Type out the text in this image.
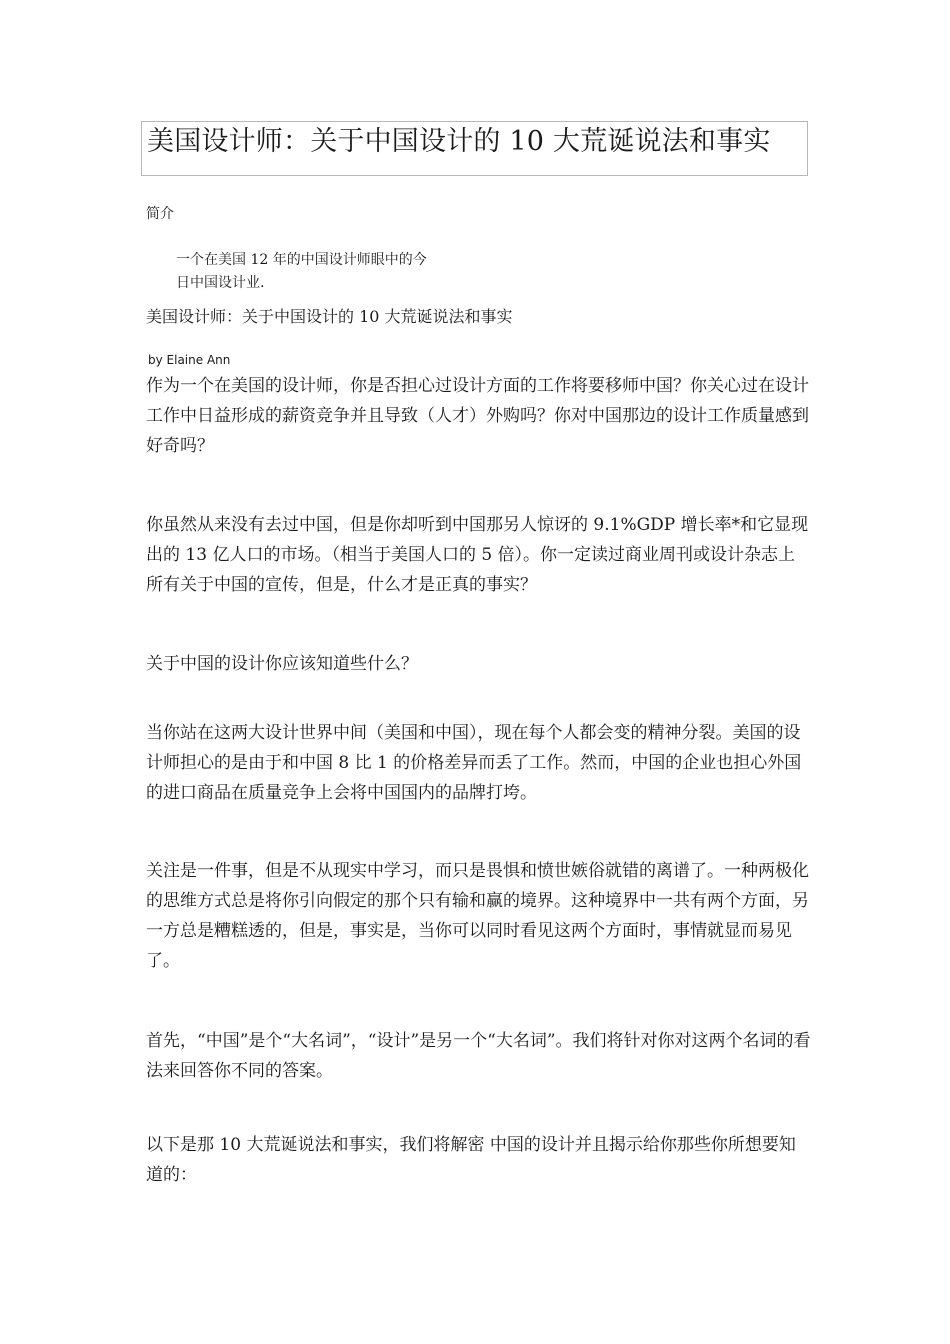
美国设计师：关于中国设计的 10 大荒诞说法和事实
简介
一个在美国 12 年的中国设计师眼中的今日中国设计业.
美国设计师：关于中国设计的 10 大荒诞说法和事实
by Elaine Ann

作为一个在美国的设计师，你是否担心过设计方面的工作将要移师中国？你关心过在设计工作中日益形成的薪资竞争并且导致（人才）外购吗？你对中国那边的设计工作质量感到好奇吗？

你虽然从来没有去过中国，但是你却听到中国那另人惊讶的 9.1%GDP 增长率*和它显现出的 13 亿人口的市场。（相当于美国人口的 5 倍）。你一定读过商业周刊或设计杂志上所有关于中国的宣传，但是，什么才是正真的事实？

关于中国的设计你应该知道些什么？

当你站在这两大设计世界中间（美国和中国），现在每个人都会变的精神分裂。美国的设计师担心的是由于和中国 8 比 1 的价格差异而丢了工作。然而，中国的企业也担心外国的进口商品在质量竞争上会将中国国内的品牌打垮。

关注是一件事，但是不从现实中学习，而只是畏惧和愤世嫉俗就错的离谱了。一种两极化的思维方式总是将你引向假定的那个只有输和赢的境界。这种境界中一共有两个方面，另一方总是糟糕透的，但是，事实是，当你可以同时看见这两个方面时，事情就显而易见了。

首先，“中国”是个“大名词”，“设计”是另一个“大名词”。我们将针对你对这两个名词的看法来回答你不同的答案。

以下是那 10 大荒诞说法和事实，我们将解密 中国的设计并且揭示给你那些你所想要知道的：
